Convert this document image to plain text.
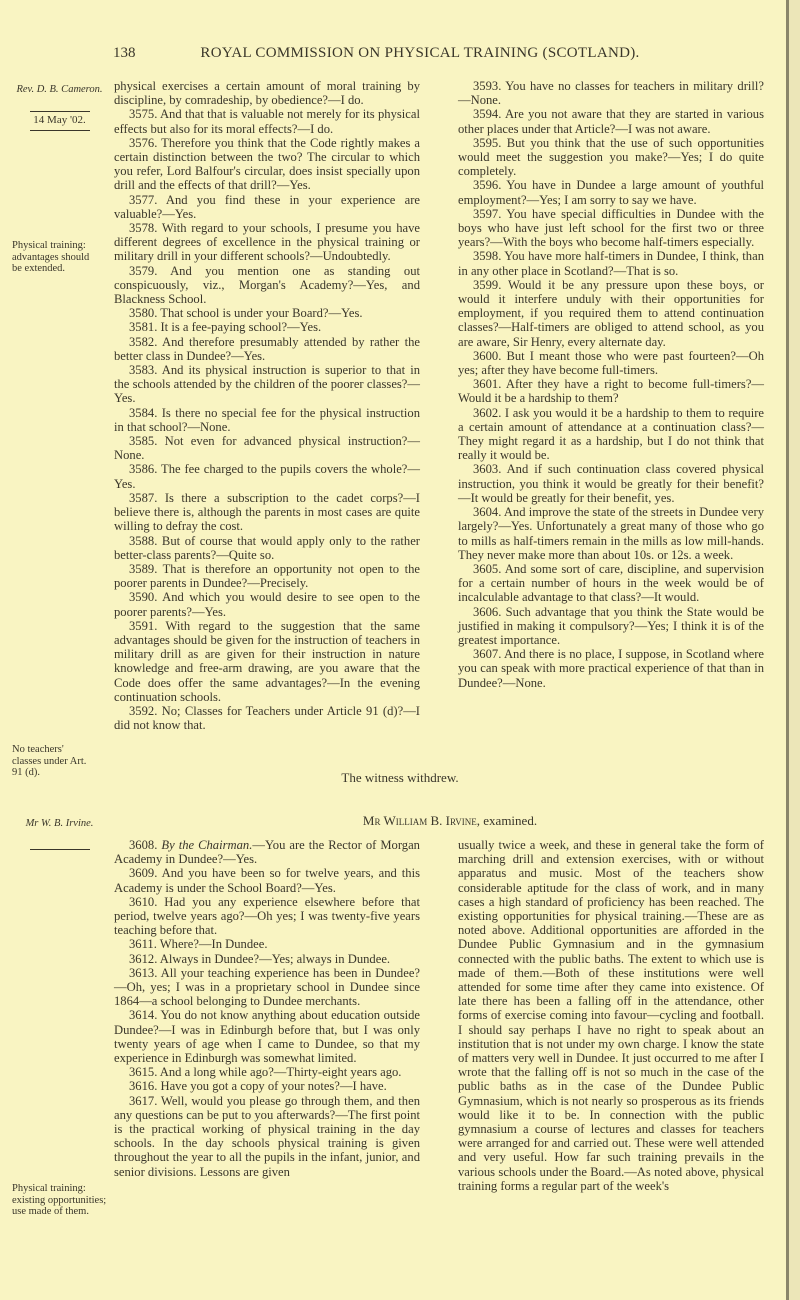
138	ROYAL COMMISSION ON PHYSICAL TRAINING (SCOTLAND).
Rev. D. B. Cameron.
14 May '02.
Physical training: advantages should be extended.
No teachers' classes under Art. 91 (d).

physical exercises a certain amount of moral training by discipline, by comradeship, by obedience?—I do.

3575. And that that is valuable not merely for its physical effects but also for its moral effects?—I do.

3576. Therefore you think that the Code rightly makes a certain distinction between the two? The circular to which you refer, Lord Balfour's circular, does insist specially upon drill and the effects of that drill?—Yes.

3577. And you find these in your experience are valuable?—Yes.

3578. With regard to your schools, I presume you have different degrees of excellence in the physical training or military drill in your different schools?—Undoubtedly.

3579. And you mention one as standing out conspicuously, viz., Morgan's Academy?—Yes, and Blackness School.

3580. That school is under your Board?—Yes.

3581. It is a fee-paying school?—Yes.

3582. And therefore presumably attended by rather the better class in Dundee?—Yes.

3583. And its physical instruction is superior to that in the schools attended by the children of the poorer classes?—Yes.

3584. Is there no special fee for the physical instruction in that school?—None.

3585. Not even for advanced physical instruction?—None.

3586. The fee charged to the pupils covers the whole?—Yes.

3587. Is there a subscription to the cadet corps?—I believe there is, although the parents in most cases are quite willing to defray the cost.

3588. But of course that would apply only to the rather better-class parents?—Quite so.

3589. That is therefore an opportunity not open to the poorer parents in Dundee?—Precisely.

3590. And which you would desire to see open to the poorer parents?—Yes.

3591. With regard to the suggestion that the same advantages should be given for the instruction of teachers in military drill as are given for their instruction in nature knowledge and free-arm drawing, are you aware that the Code does offer the same advantages?—In the evening continuation schools.

3592. No; Classes for Teachers under Article 91 (d)?—I did not know that.

3593. You have no classes for teachers in military drill?—None.

3594. Are you not aware that they are started in various other places under that Article?—I was not aware.

3595. But you think that the use of such opportunities would meet the suggestion you make?—Yes; I do quite completely.

3596. You have in Dundee a large amount of youthful employment?—Yes; I am sorry to say we have.

3597. You have special difficulties in Dundee with the boys who have just left school for the first two or three years?—With the boys who become half-timers especially.

3598. You have more half-timers in Dundee, I think, than in any other place in Scotland?—That is so.

3599. Would it be any pressure upon these boys, or would it interfere unduly with their opportunities for employment, if you required them to attend continuation classes?—Half-timers are obliged to attend school, as you are aware, Sir Henry, every alternate day.

3600. But I meant those who were past fourteen?—Oh yes; after they have become full-timers.

3601. After they have a right to become full-timers?—Would it be a hardship to them?

3602. I ask you would it be a hardship to them to require a certain amount of attendance at a continuation class?—They might regard it as a hardship, but I do not think that really it would be.

3603. And if such continuation class covered physical instruction, you think it would be greatly for their benefit?—It would be greatly for their benefit, yes.

3604. And improve the state of the streets in Dundee very largely?—Yes. Unfortunately a great many of those who go to mills as half-timers remain in the mills as low mill-hands. They never make more than about 10s. or 12s. a week.

3605. And some sort of care, discipline, and supervision for a certain number of hours in the week would be of incalculable advantage to that class?—It would.

3606. Such advantage that you think the State would be justified in making it compulsory?—Yes; I think it is of the greatest importance.

3607. And there is no place, I suppose, in Scotland where you can speak with more practical experience of that than in Dundee?—None.

The witness withdrew.
Mr W. B. Irvine.	Mr William B. Irvine, examined.
Physical training: existing opportunities; use made of them.

3608. By the Chairman.—You are the Rector of Morgan Academy in Dundee?—Yes.

3609. And you have been so for twelve years, and this Academy is under the School Board?—Yes.

3610. Had you any experience elsewhere before that period, twelve years ago?—Oh yes; I was twenty-five years teaching before that.

3611. Where?—In Dundee.

3612. Always in Dundee?—Yes; always in Dundee.

3613. All your teaching experience has been in Dundee?—Oh, yes; I was in a proprietary school in Dundee since 1864—a school belonging to Dundee merchants.

3614. You do not know anything about education outside Dundee?—I was in Edinburgh before that, but I was only twenty years of age when I came to Dundee, so that my experience in Edinburgh was somewhat limited.

3615. And a long while ago?—Thirty-eight years ago.

3616. Have you got a copy of your notes?—I have.

3617. Well, would you please go through them, and then any questions can be put to you afterwards?—The first point is the practical working of physical training in the day schools. In the day schools physical training is given throughout the year to all the pupils in the infant, junior, and senior divisions. Lessons are given

usually twice a week, and these in general take the form of marching drill and extension exercises, with or without apparatus and music. Most of the teachers show considerable aptitude for the class of work, and in many cases a high standard of proficiency has been reached. The existing opportunities for physical training.—These are as noted above. Additional opportunities are afforded in the Dundee Public Gymnasium and in the gymnasium connected with the public baths. The extent to which use is made of them.—Both of these institutions were well attended for some time after they came into existence. Of late there has been a falling off in the attendance, other forms of exercise coming into favour—cycling and football. I should say perhaps I have no right to speak about an institution that is not under my own charge. I know the state of matters very well in Dundee. It just occurred to me after I wrote that the falling off is not so much in the case of the public baths as in the case of the Dundee Public Gymnasium, which is not nearly so prosperous as its friends would like it to be. In connection with the public gymnasium a course of lectures and classes for teachers were arranged for and carried out. These were well attended and very useful. How far such training prevails in the various schools under the Board.—As noted above, physical training forms a regular part of the week's
